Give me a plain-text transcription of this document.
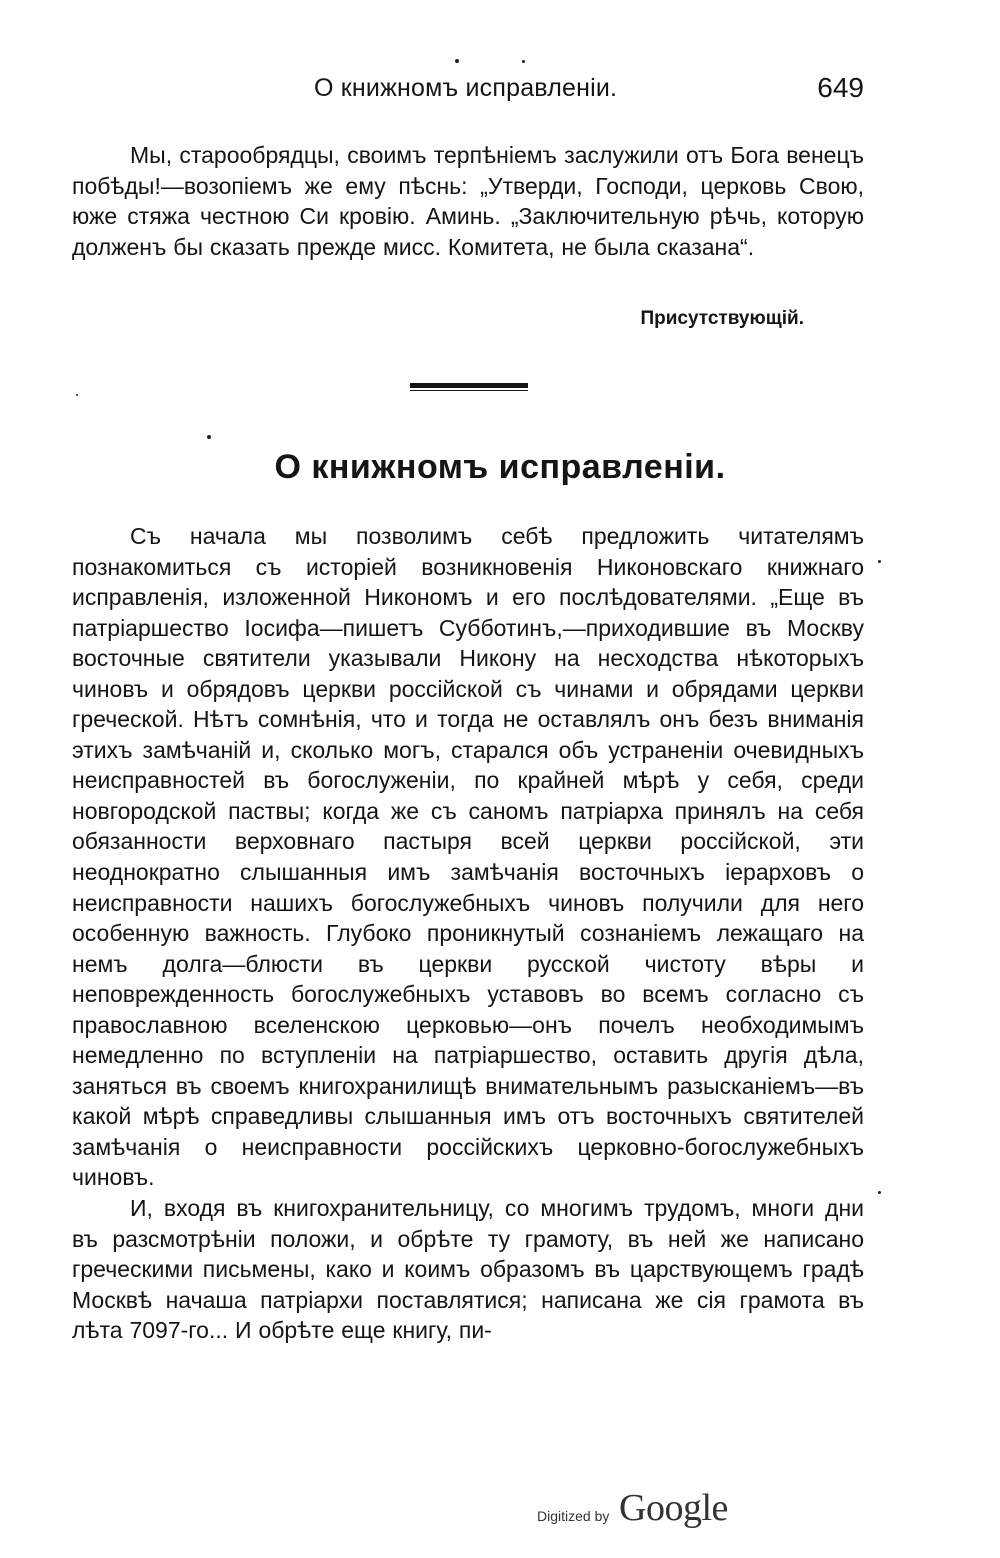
О книжномъ исправленіи.	649

Мы, старообрядцы, своимъ терпѣніемъ заслужили отъ Бога венецъ побѣды!—возопіемъ же ему пѣснь: „Утверди, Господи, церковь Свою, юже стяжа честною Си кровію. Аминь. „Заключительную рѣчь, которую долженъ бы сказать прежде мисс. Комитета, не была сказана“.

Присутствующій.
О книжномъ исправленіи.

Съ начала мы позволимъ себѣ предложить читателямъ познакомиться съ исторіей возникновенія Никоновскаго книжнаго исправленія, изложенной Никономъ и его послѣдователями. „Еще въ патріаршество Іосифа—пишетъ Субботинъ,—приходившие въ Москву восточные святители указывали Никону на несходства нѣкоторыхъ чиновъ и обрядовъ церкви россійской съ чинами и обрядами церкви греческой. Нѣтъ сомнѣнія, что и тогда не оставлялъ онъ безъ вниманія этихъ замѣчаній и, сколько могъ, старался объ устраненіи очевидныхъ неисправностей въ богослуженіи, по крайней мѣрѣ у себя, среди новгородской паствы; когда же съ саномъ патріарха принялъ на себя обязанности верховнаго пастыря всей церкви россійской, эти неоднократно слышанныя имъ замѣчанія восточныхъ іерарховъ о неисправности нашихъ богослужебныхъ чиновъ получили для него особенную важность. Глубоко проникнутый сознаніемъ лежащаго на немъ долга—блюсти въ церкви русской чистоту вѣры и неповрежденность богослужебныхъ уставовъ во всемъ согласно съ православною вселенскою церковью—онъ почелъ необходимымъ немедленно по вступленіи на патріаршество, оставить другія дѣла, заняться въ своемъ книгохранилищѣ внимательнымъ разысканіемъ—въ какой мѣрѣ справедливы слышанныя имъ отъ восточныхъ святителей замѣчанія о неисправности россійскихъ церковно-богослужебныхъ чиновъ.

И, входя въ книгохранительницу, со многимъ трудомъ, многи дни въ разсмотрѣніи положи, и обрѣте ту грамоту, въ ней же написано греческими письмены, како и коимъ образомъ въ царствующемъ градѣ Москвѣ начаша патріархи поставлятися; написана же сія грамота въ лѣта 7097-го... И обрѣте еще книгу, пи-

Digitized by Google
